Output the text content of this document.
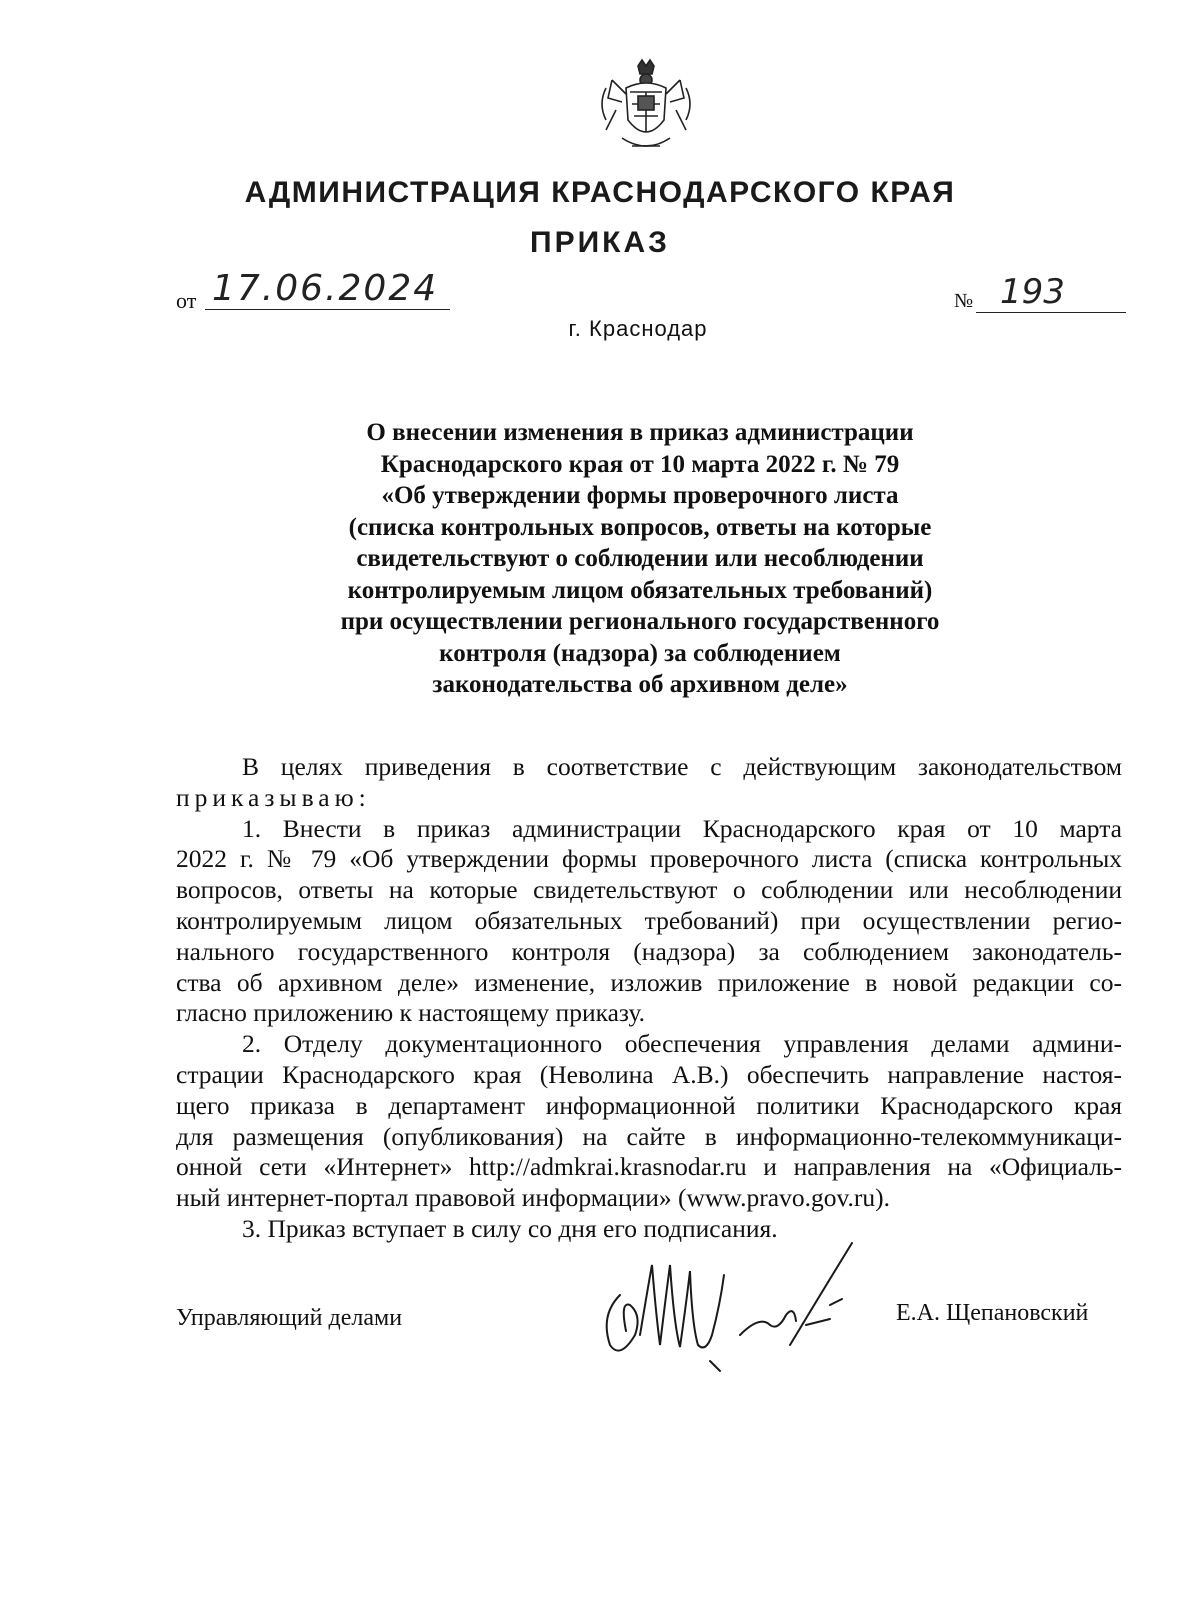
АДМИНИСТРАЦИЯ КРАСНОДАРСКОГО КРАЯ
ПРИКАЗ
от 17.06.2024	№ 193
г. Краснодар
О внесении изменения в приказ администрации
Краснодарского края от 10 марта 2022 г. № 79
«Об утверждении формы проверочного листа
(списка контрольных вопросов, ответы на которые
свидетельствуют о соблюдении или несоблюдении
контролируемым лицом обязательных требований)
при осуществлении регионального государственного
контроля (надзора) за соблюдением
законодательства об архивном деле»
В целях приведения в соответствие с действующим законодательством
приказываю:
1. Внести в приказ администрации Краснодарского края от 10 марта
2022 г. № 79 «Об утверждении формы проверочного листа (списка контрольных
вопросов, ответы на которые свидетельствуют о соблюдении или несоблюдении
контролируемым лицом обязательных требований) при осуществлении регио-
нального государственного контроля (надзора) за соблюдением законодатель-
ства об архивном деле» изменение, изложив приложение в новой редакции со-
гласно приложению к настоящему приказу.
2. Отделу документационного обеспечения управления делами админи-
страции Краснодарского края (Неволина А.В.) обеспечить направление настоя-
щего приказа в департамент информационной политики Краснодарского края
для размещения (опубликования) на сайте в информационно-телекоммуникаци-
онной сети «Интернет» http://admkrai.krasnodar.ru и направления на «Официаль-
ный интернет-портал правовой информации» (www.pravo.gov.ru).
3. Приказ вступает в силу со дня его подписания.
Управляющий делами	Е.А. Щепановский
